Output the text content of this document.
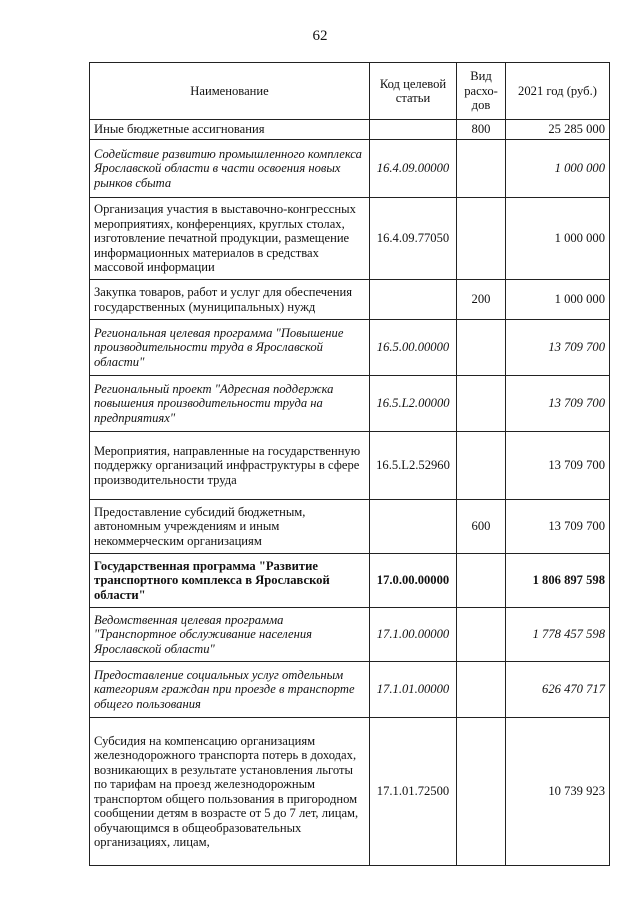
62
Наименование	Код целевой статьи	Вид расхо-дов	2021 год (руб.)
Иные бюджетные ассигнования		800	25 285 000
Содействие развитию промышленного комплекса Ярославской области в части освоения новых рынков сбыта	16.4.09.00000		1 000 000
Организация участия в выставочно-конгрессных мероприятиях, конференциях, круглых столах, изготовление печатной продукции, размещение информационных материалов в средствах массовой информации	16.4.09.77050		1 000 000
Закупка товаров, работ и услуг для обеспечения государственных (муниципальных) нужд		200	1 000 000
Региональная целевая программа "Повышение производительности труда в Ярославской области"	16.5.00.00000		13 709 700
Региональный проект "Адресная поддержка повышения производительности труда на предприятиях"	16.5.L2.00000		13 709 700
Мероприятия, направленные на государственную поддержку организаций инфраструктуры в сфере производительности труда	16.5.L2.52960		13 709 700
Предоставление субсидий бюджетным, автономным учреждениям и иным некоммерческим организациям		600	13 709 700
Государственная программа "Развитие транспортного комплекса в Ярославской области"	17.0.00.00000		1 806 897 598
Ведомственная целевая программа "Транспортное обслуживание населения Ярославской области"	17.1.00.00000		1 778 457 598
Предоставление социальных услуг отдельным категориям граждан при проезде в транспорте общего пользования	17.1.01.00000		626 470 717
Субсидия на компенсацию организациям железнодорожного транспорта потерь в доходах, возникающих в результате установления льготы по тарифам на проезд железнодорожным транспортом общего пользования в пригородном сообщении детям в возрасте от 5 до 7 лет, лицам, обучающимся в общеобразовательных организациях, лицам,	17.1.01.72500		10 739 923
